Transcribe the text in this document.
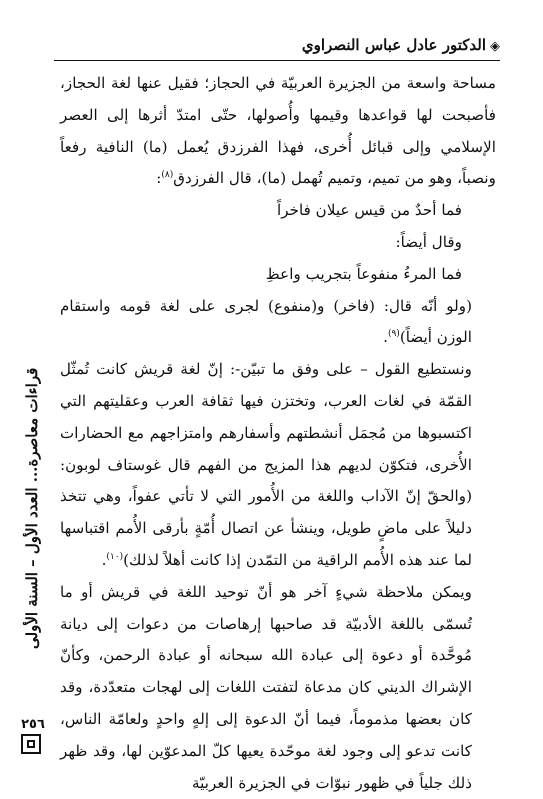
◈الدكتور عادل عباس النصراوي

مساحة واسعة من الجزيرة العربيّة في الحجاز؛ فقيل عنها لغة الحجاز، فأصبحت لها قواعدها وقيمها وأُصولها، حتّى امتدّ أثرها إلى العصر الإسلامي وإلى قبائل أُخرى، فهذا الفرزدق يُعمل (ما) النافية رفعاً ونصباً، وهو من تميم، وتميم تُهمل (ما)، قال الفرزدق$^{(٨)}$:

فما أحدٌ من قيس عيلان فاخراً

وقال أيضاً:

فما المرءُ منفوعاً بتجريب واعظِ

(ولو أنّه قال: (فاخر) و(منفوع) لجرى على لغة قومه واستقام الوزن أيضاً)$^{(٩)}$.

ونستطيع القول – على وفق ما تبيّن-: إنّ لغة قريش كانت تُمثّل القمّة في لغات العرب، وتختزن فيها ثقافة العرب وعقليتهم التي اكتسبوها من مُجمَل أنشطتهم وأسفارهم وامتزاجهم مع الحضارات الأُخرى، فتكوّن لديهم هذا المزيج من الفهم قال غوستاف لوبون: (والحقّ إنّ الآداب واللغة من الأُمور التي لا تأتي عفواً، وهي تتخذ دليلاً على ماضٍ طويل، وينشأ عن اتصال أُمّةٍ بأرقى الأُمم اقتباسها لما عند هذه الأُمم الراقية من التمّدن إذا كانت أهلاً لذلك)$^{(١٠)}$.

ويمكن ملاحظة شيءٍ آخر هو أنّ توحيد اللغة في قريش أو ما تُسمّى باللغة الأدبيّة قد صاحبها إرهاصات من دعوات إلى ديانة مُوحَّدة أو دعوة إلى عبادة الله سبحانه أو عبادة الرحمن، وكأنّ الإشراك الديني كان مدعاة لتفتت اللغات إلى لهجات متعدّدة، وقد كان بعضها مذموماً، فيما أنّ الدعوة إلى إلهٍ واحدٍ ولعامّة الناس، كانت تدعو إلى وجود لغة موحّدة يعيها كلّ المدعوّين لها، وقد ظهر ذلك جلياً في ظهور نبوّات في الجزيرة العربيّة

قراءات معاصرة... العدد الأول – السنة الأولى
٢٥٦
